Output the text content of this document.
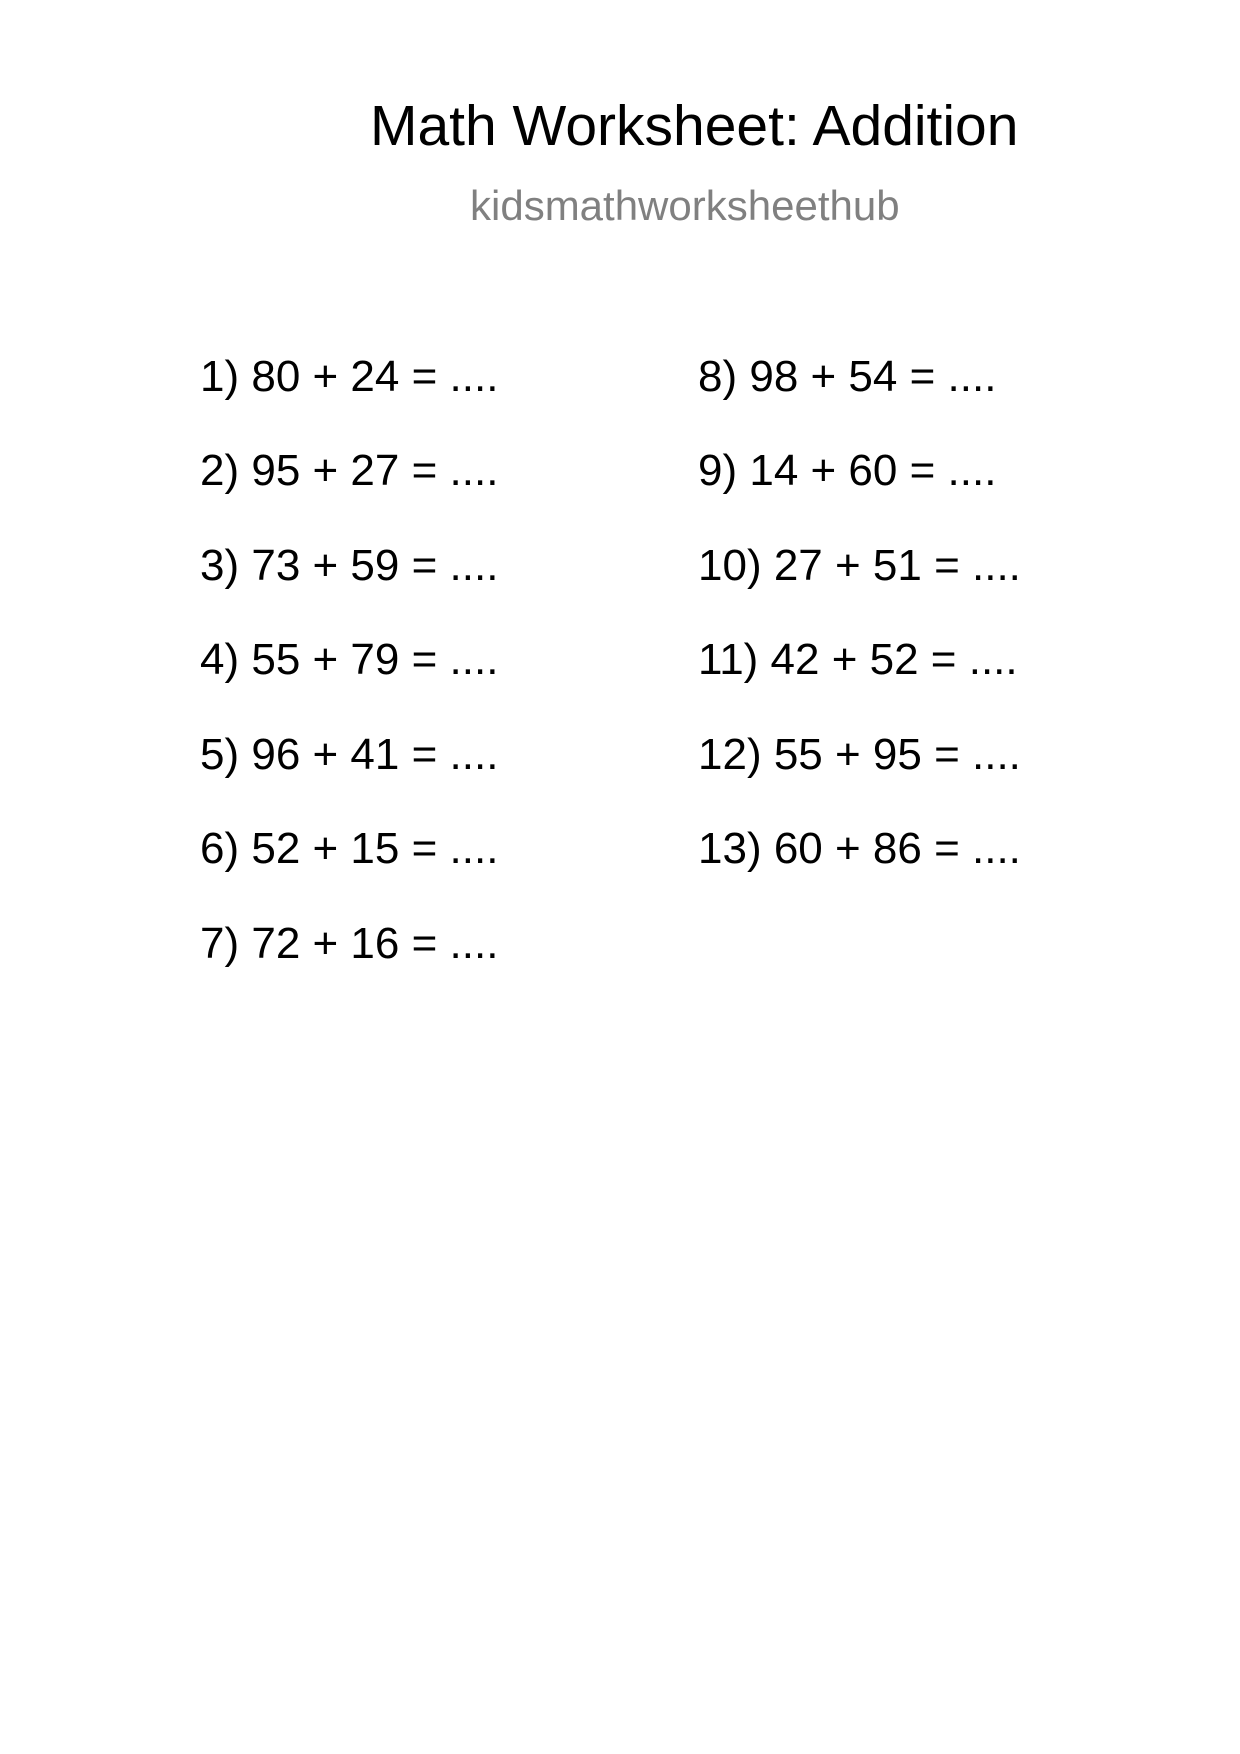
Math Worksheet: Addition
kidsmathworksheethub
1) 80 + 24 = ....
2) 95 + 27 = ....
3) 73 + 59 = ....
4) 55 + 79 = ....
5) 96 + 41 = ....
6) 52 + 15 = ....
7) 72 + 16 = ....
8) 98 + 54 = ....
9) 14 + 60 = ....
10) 27 + 51 = ....
11) 42 + 52 = ....
12) 55 + 95 = ....
13) 60 + 86 = ....
